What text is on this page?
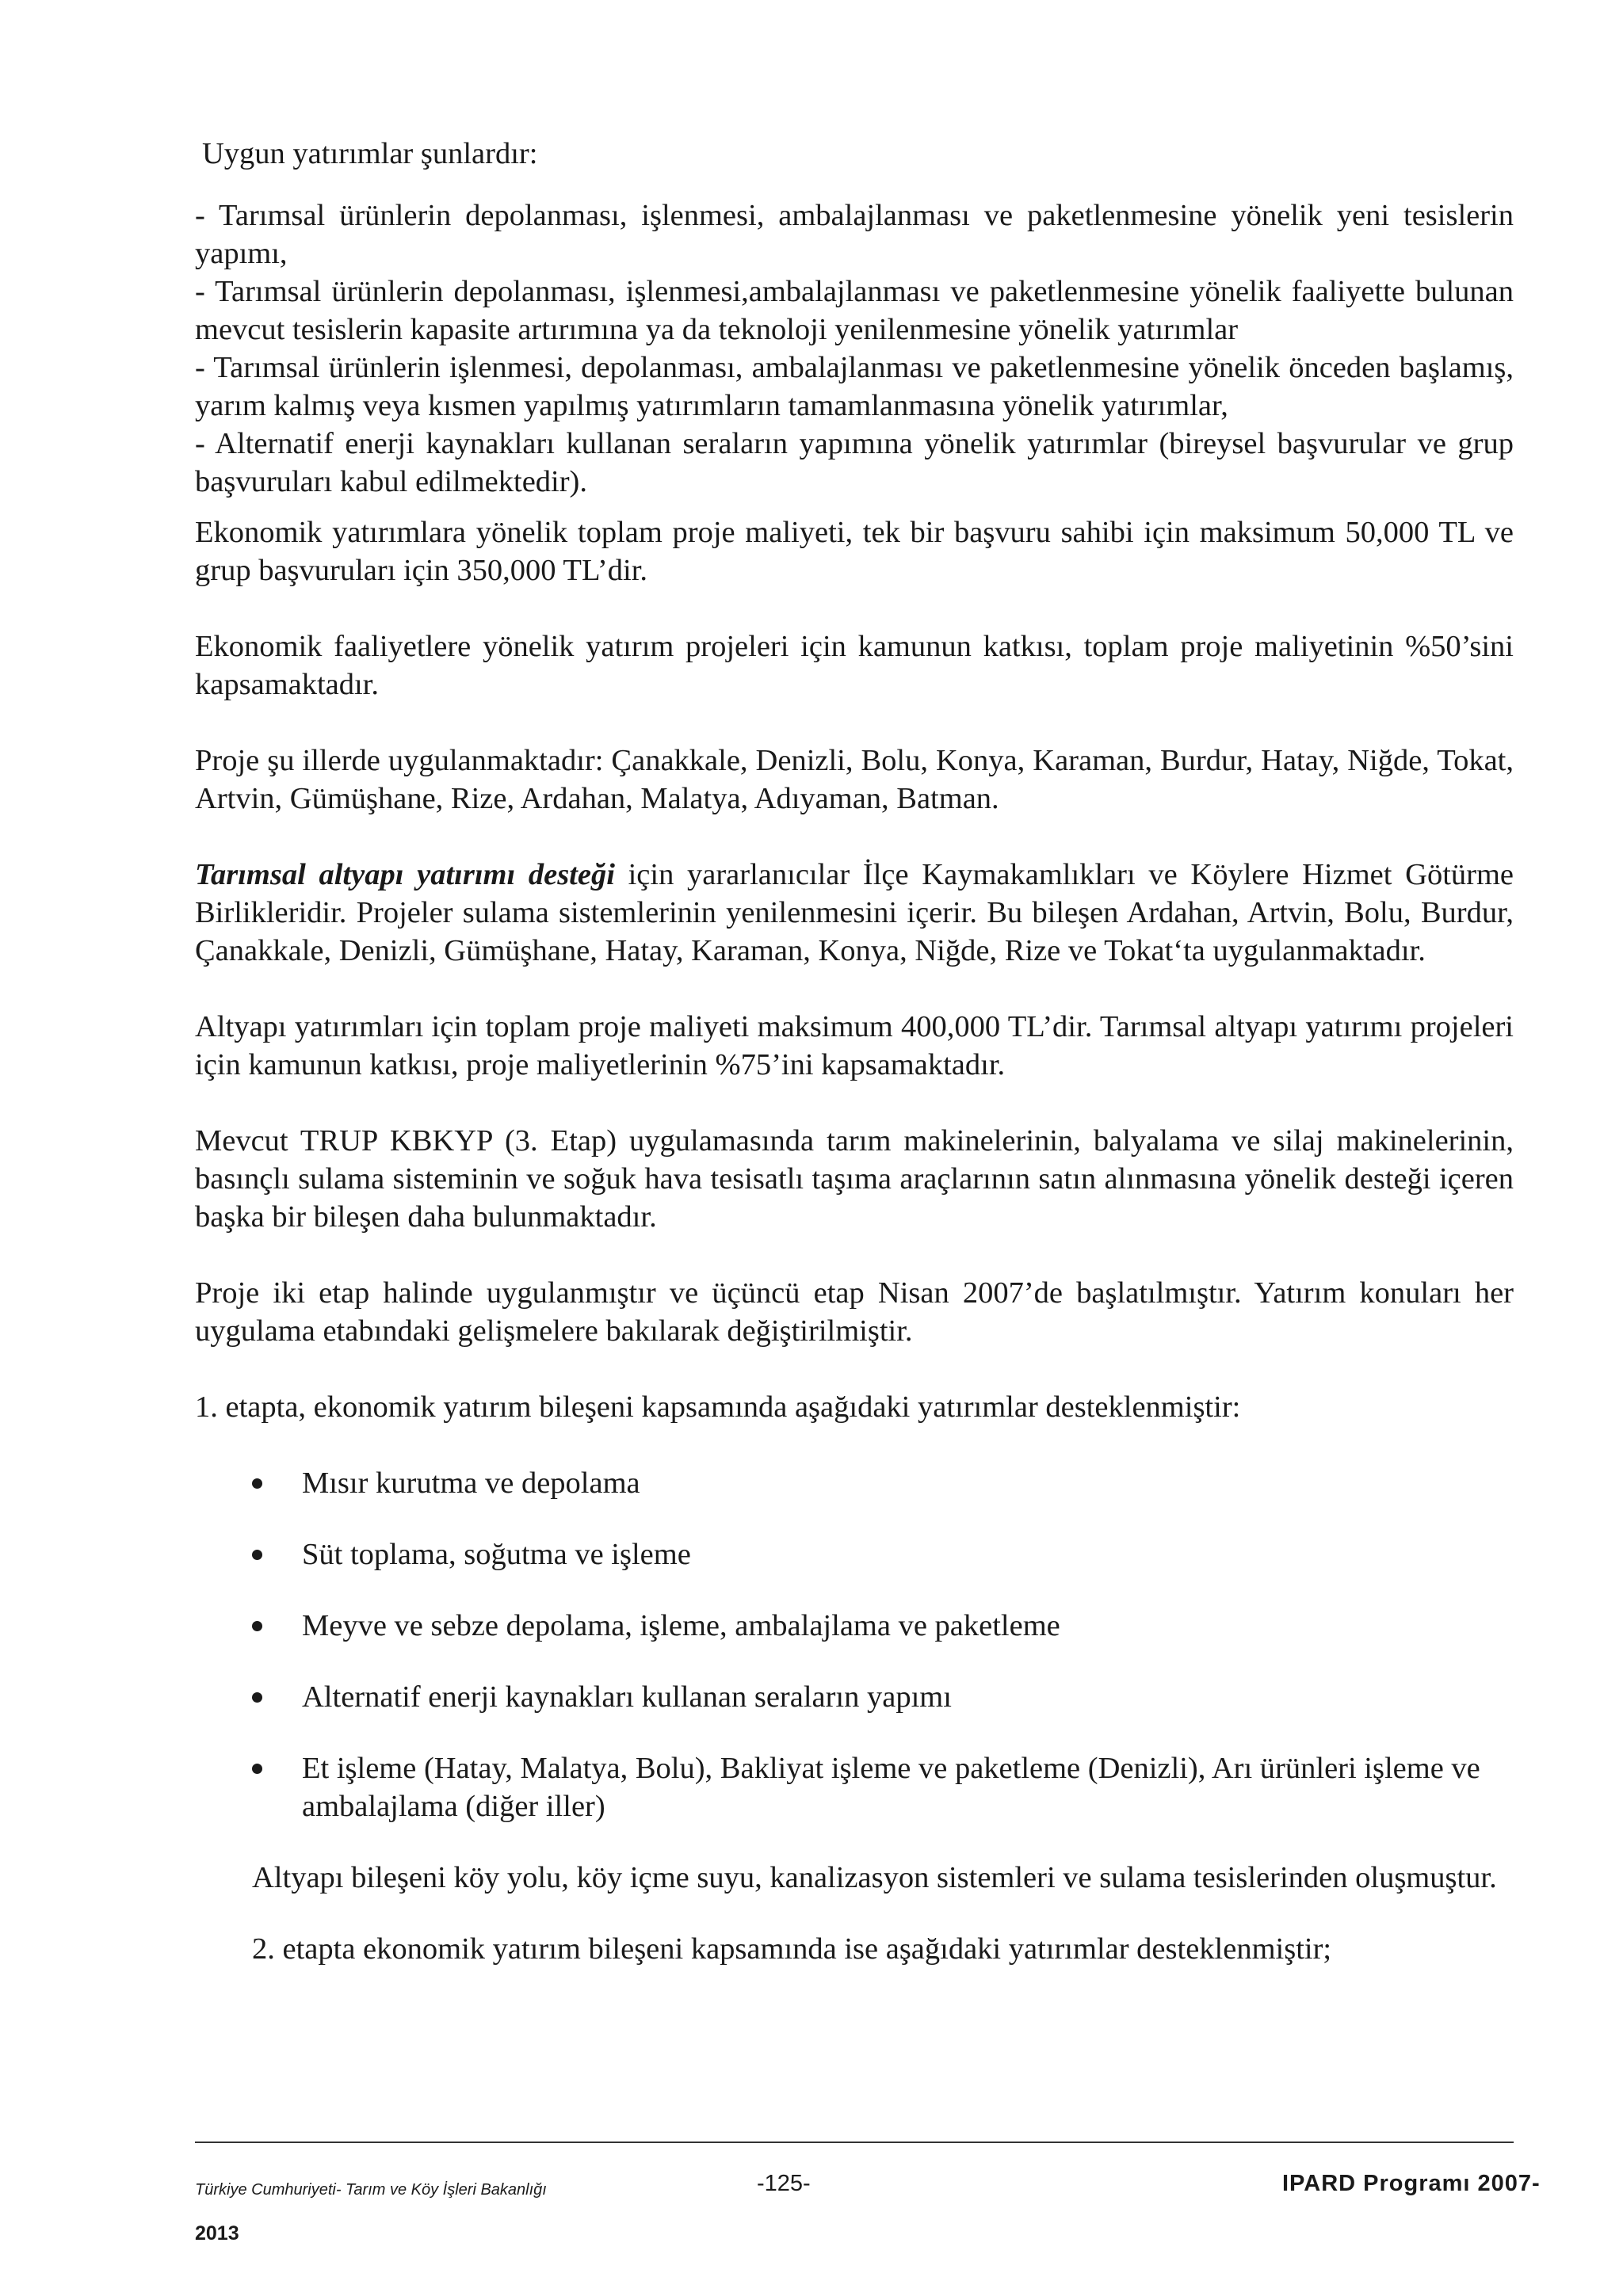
Uygun yatırımlar şunlardır:

- Tarımsal ürünlerin depolanması, işlenmesi, ambalajlanması ve paketlenmesine yönelik yeni tesislerin yapımı,

- Tarımsal ürünlerin depolanması, işlenmesi,ambalajlanması ve paketlenmesine yönelik faaliyette bulunan mevcut tesislerin kapasite artırımına ya da teknoloji yenilenmesine yönelik yatırımlar

- Tarımsal ürünlerin işlenmesi, depolanması, ambalajlanması ve paketlenmesine yönelik önceden başlamış, yarım kalmış veya kısmen yapılmış yatırımların tamamlanmasına yönelik yatırımlar,

- Alternatif enerji kaynakları kullanan seraların yapımına yönelik yatırımlar (bireysel başvurular ve grup başvuruları kabul edilmektedir).

Ekonomik yatırımlara yönelik toplam proje maliyeti, tek bir başvuru sahibi için maksimum 50,000 TL ve grup başvuruları için 350,000 TL’dir.

Ekonomik faaliyetlere yönelik yatırım projeleri için kamunun katkısı, toplam proje maliyetinin %50’sini kapsamaktadır.

Proje şu illerde uygulanmaktadır: Çanakkale, Denizli, Bolu, Konya, Karaman, Burdur, Hatay, Niğde, Tokat, Artvin, Gümüşhane, Rize, Ardahan, Malatya, Adıyaman, Batman.

Tarımsal altyapı yatırımı desteği için yararlanıcılar İlçe Kaymakamlıkları ve Köylere Hizmet Götürme Birlikleridir. Projeler sulama sistemlerinin yenilenmesini içerir. Bu bileşen Ardahan, Artvin, Bolu, Burdur, Çanakkale, Denizli, Gümüşhane, Hatay, Karaman, Konya, Niğde, Rize ve Tokat‘ta uygulanmaktadır.

Altyapı yatırımları için toplam proje maliyeti maksimum 400,000 TL’dir. Tarımsal altyapı yatırımı projeleri için kamunun katkısı, proje maliyetlerinin %75’ini kapsamaktadır.

Mevcut TRUP KBKYP (3. Etap) uygulamasında tarım makinelerinin, balyalama ve silaj makinelerinin, basınçlı sulama sisteminin ve soğuk hava tesisatlı taşıma araçlarının satın alınmasına yönelik desteği içeren başka bir bileşen daha bulunmaktadır.

Proje iki etap halinde uygulanmıştır ve üçüncü etap Nisan 2007’de başlatılmıştır. Yatırım konuları her uygulama etabındaki gelişmelere bakılarak değiştirilmiştir.

1. etapta, ekonomik yatırım bileşeni kapsamında aşağıdaki yatırımlar desteklenmiştir:

Mısır kurutma ve depolama
Süt toplama, soğutma ve işleme
Meyve ve sebze depolama, işleme, ambalajlama ve paketleme
Alternatif enerji kaynakları kullanan seraların yapımı
Et işleme (Hatay, Malatya, Bolu), Bakliyat işleme ve paketleme (Denizli), Arı ürünleri işleme ve ambalajlama (diğer iller)

Altyapı bileşeni köy yolu, köy içme suyu, kanalizasyon sistemleri ve sulama tesislerinden oluşmuştur.

2. etapta ekonomik yatırım bileşeni kapsamında ise aşağıdaki yatırımlar desteklenmiştir;

Türkiye Cumhuriyeti- Tarım ve Köy İşleri Bakanlığı	-125-	IPARD Programı 2007-
2013
